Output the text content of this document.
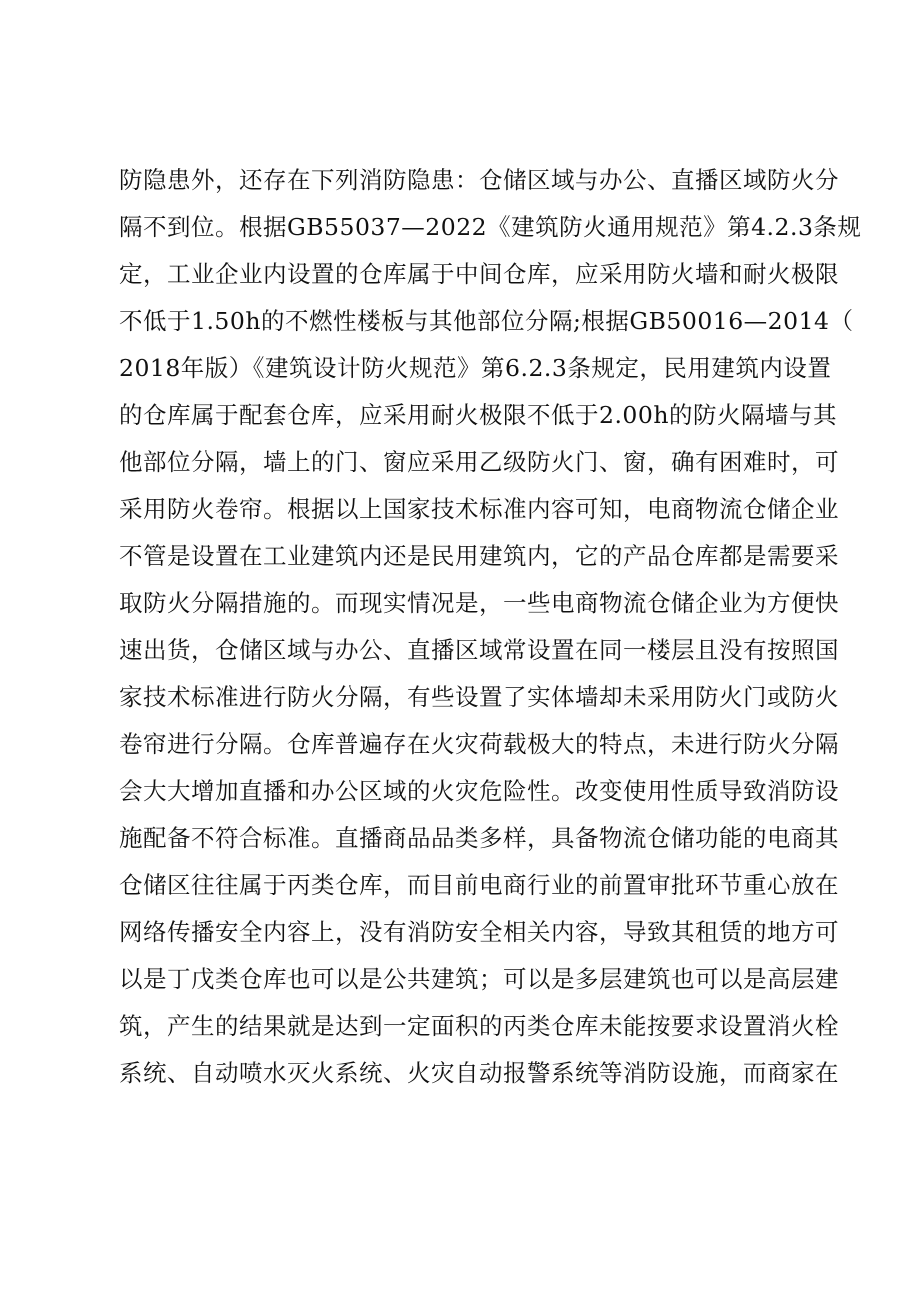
防隐患外，还存在下列消防隐患：仓储区域与办公、直播区域防火分
隔不到位。根据GB55037—2022《建筑防火通用规范》第4.2.3条规
定，工业企业内设置的仓库属于中间仓库，应采用防火墙和耐火极限
不低于1.50h的不燃性楼板与其他部位分隔;根据GB50016—2014（
2018年版）《建筑设计防火规范》第6.2.3条规定，民用建筑内设置
的仓库属于配套仓库，应采用耐火极限不低于2.00h的防火隔墙与其
他部位分隔，墙上的门、窗应采用乙级防火门、窗，确有困难时，可
采用防火卷帘。根据以上国家技术标准内容可知，电商物流仓储企业
不管是设置在工业建筑内还是民用建筑内，它的产品仓库都是需要采
取防火分隔措施的。而现实情况是，一些电商物流仓储企业为方便快
速出货，仓储区域与办公、直播区域常设置在同一楼层且没有按照国
家技术标准进行防火分隔，有些设置了实体墙却未采用防火门或防火
卷帘进行分隔。仓库普遍存在火灾荷载极大的特点，未进行防火分隔
会大大增加直播和办公区域的火灾危险性。改变使用性质导致消防设
施配备不符合标准。直播商品品类多样，具备物流仓储功能的电商其
仓储区往往属于丙类仓库，而目前电商行业的前置审批环节重心放在
网络传播安全内容上，没有消防安全相关内容，导致其租赁的地方可
以是丁戊类仓库也可以是公共建筑；可以是多层建筑也可以是高层建
筑，产生的结果就是达到一定面积的丙类仓库未能按要求设置消火栓
系统、自动喷水灭火系统、火灾自动报警系统等消防设施，而商家在
